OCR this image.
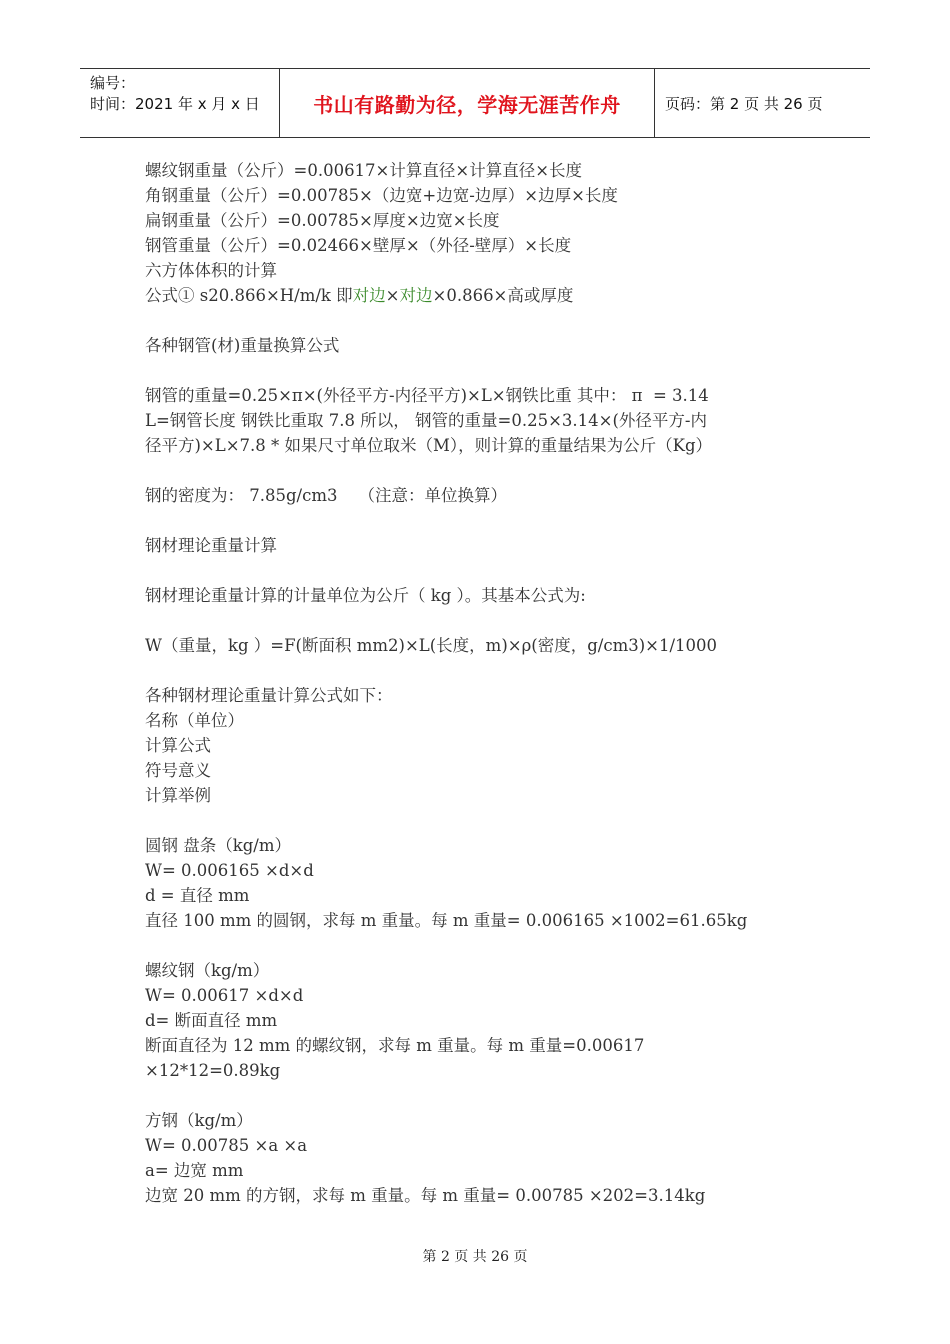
编号：
时间：2021 年 x 月 x 日	书山有路勤为径，学海无涯苦作舟	页码：第 2 页 共 26 页
螺纹钢重量（公斤）=0.00617×计算直径×计算直径×长度
角钢重量（公斤）=0.00785×（边宽+边宽-边厚）×边厚×长度
扁钢重量（公斤）=0.00785×厚度×边宽×长度
钢管重量（公斤）=0.02466×壁厚×（外径-壁厚）×长度
六方体体积的计算
公式① s20.866×H/m/k 即对边×对边×0.866×高或厚度
各种钢管(材)重量换算公式
钢管的重量=0.25×π×(外径平方-内径平方)×L×钢铁比重 其中： π  = 3.14
L=钢管长度 钢铁比重取 7.8 所以， 钢管的重量=0.25×3.14×(外径平方-内
径平方)×L×7.8 * 如果尺寸单位取米（M），则计算的重量结果为公斤（Kg）
钢的密度为： 7.85g/cm3    （注意：单位换算）
钢材理论重量计算
钢材理论重量计算的计量单位为公斤（ kg ）。其基本公式为:
W（重量，kg ）=F(断面积 mm2)×L(长度，m)×ρ(密度，g/cm3)×1/1000
各种钢材理论重量计算公式如下：
名称（单位）
计算公式
符号意义
计算举例
圆钢 盘条（kg/m）
W= 0.006165 ×d×d
d = 直径 mm
直径 100 mm 的圆钢，求每 m 重量。每 m 重量= 0.006165 ×1002=61.65kg
螺纹钢（kg/m）
W= 0.00617 ×d×d
d= 断面直径 mm
断面直径为 12 mm 的螺纹钢，求每 m 重量。每 m 重量=0.00617
×12*12=0.89kg
方钢（kg/m）
W= 0.00785 ×a ×a
a= 边宽 mm
边宽 20 mm 的方钢，求每 m 重量。每 m 重量= 0.00785 ×202=3.14kg
第 2 页 共 26 页
